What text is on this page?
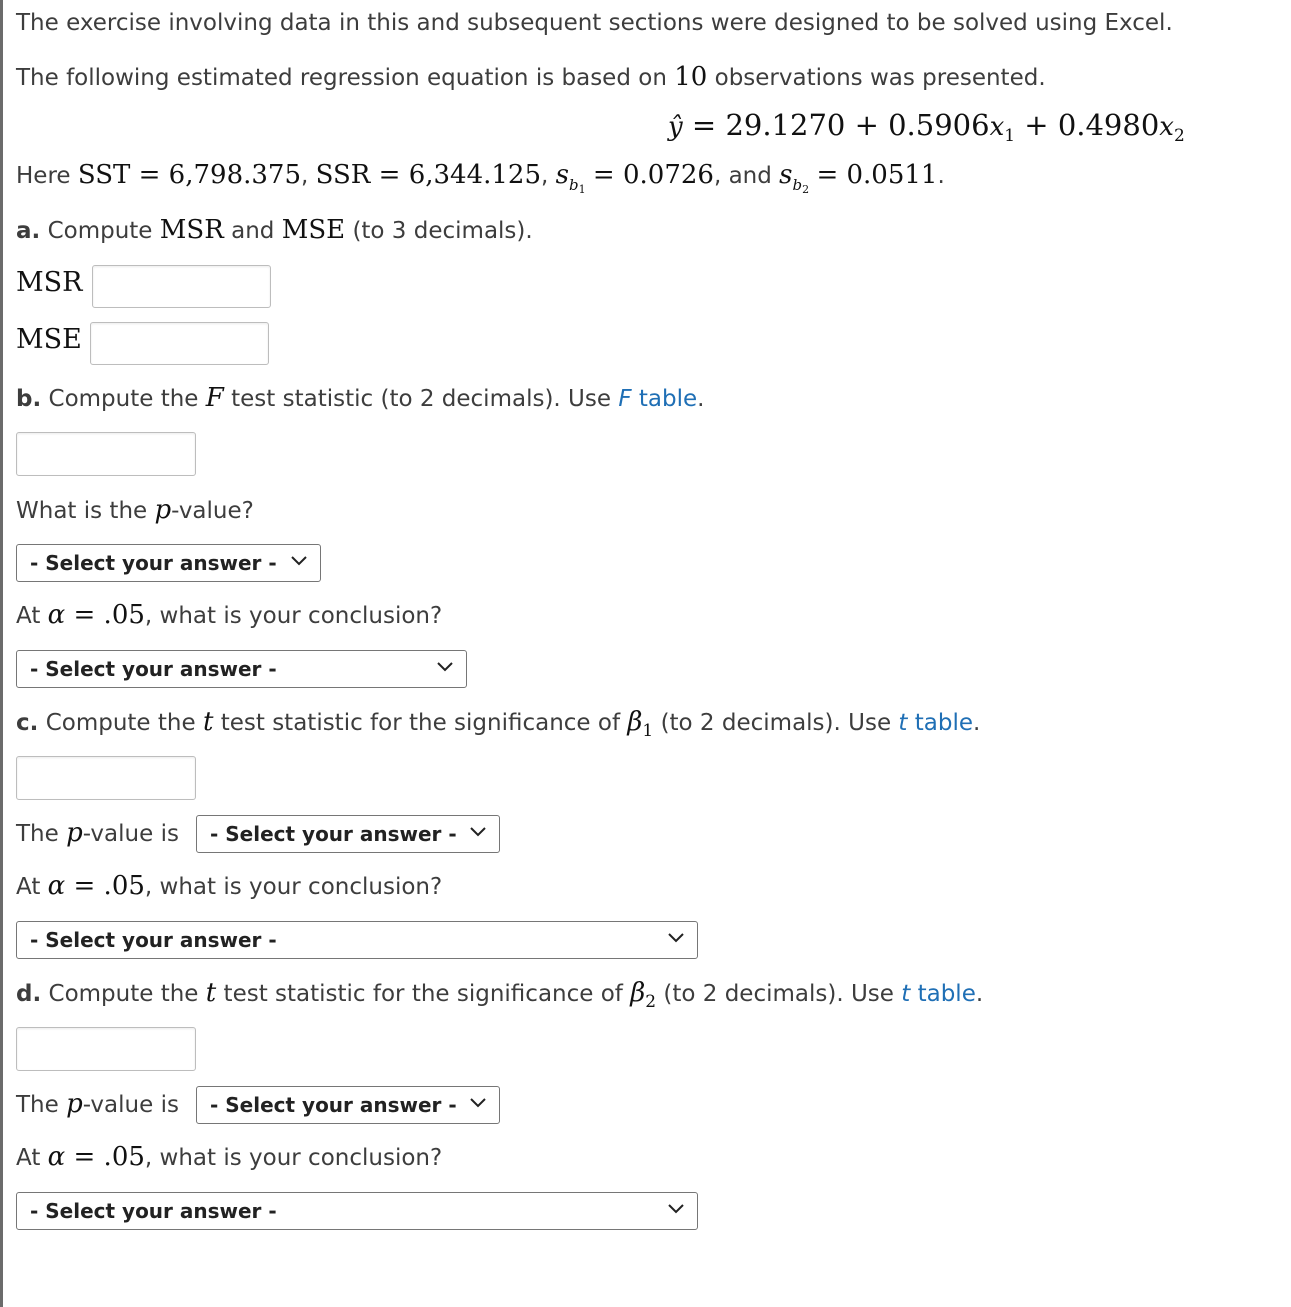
The exercise involving data in this and subsequent sections were designed to be solved using Excel.
The following estimated regression equation is based on 10 observations was presented.
ŷ = $29.1270 + 0.5906x_1 + 0.4980x_2$
Here SST = 6,798.375, SSR = 6,344.125, $s_{b_1} = 0.0726$, and $s_{b_2} = 0.0511$.
a. Compute MSR and MSE (to 3 decimals).
MSR
MSE
b. Compute the F test statistic (to 2 decimals). Use F table.
What is the p-value?
- Select your answer -
At α = .05, what is your conclusion?
- Select your answer -
c. Compute the t test statistic for the significance of $\beta_1$ (to 2 decimals). Use t table.
The p-value is	- Select your answer -
At α = .05, what is your conclusion?
- Select your answer -
d. Compute the t test statistic for the significance of $\beta_2$ (to 2 decimals). Use t table.
The p-value is	- Select your answer -
At α = .05, what is your conclusion?
- Select your answer -
